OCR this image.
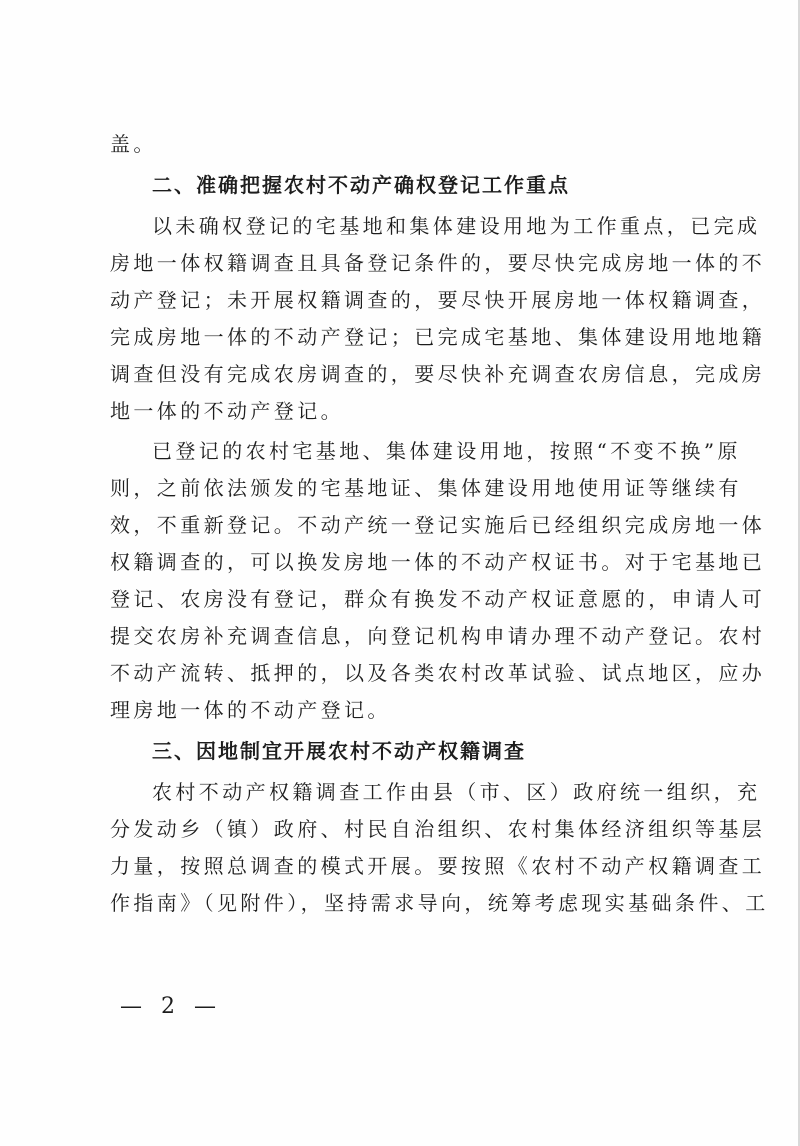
盖。

二、准确把握农村不动产确权登记工作重点

以未确权登记的宅基地和集体建设用地为工作重点，已完成
房地一体权籍调查且具备登记条件的，要尽快完成房地一体的不
动产登记；未开展权籍调查的，要尽快开展房地一体权籍调查，
完成房地一体的不动产登记；已完成宅基地、集体建设用地地籍
调查但没有完成农房调查的，要尽快补充调查农房信息，完成房
地一体的不动产登记。

已登记的农村宅基地、集体建设用地，按照“不变不换”原
则，之前依法颁发的宅基地证、集体建设用地使用证等继续有
效，不重新登记。不动产统一登记实施后已经组织完成房地一体
权籍调查的，可以换发房地一体的不动产权证书。对于宅基地已
登记、农房没有登记，群众有换发不动产权证意愿的，申请人可
提交农房补充调查信息，向登记机构申请办理不动产登记。农村
不动产流转、抵押的，以及各类农村改革试验、试点地区，应办
理房地一体的不动产登记。

三、因地制宜开展农村不动产权籍调查

农村不动产权籍调查工作由县（市、区）政府统一组织，充
分发动乡（镇）政府、村民自治组织、农村集体经济组织等基层
力量，按照总调查的模式开展。要按照《农村不动产权籍调查工
作指南》（见附件），坚持需求导向，统筹考虑现实基础条件、工

— 2 —
